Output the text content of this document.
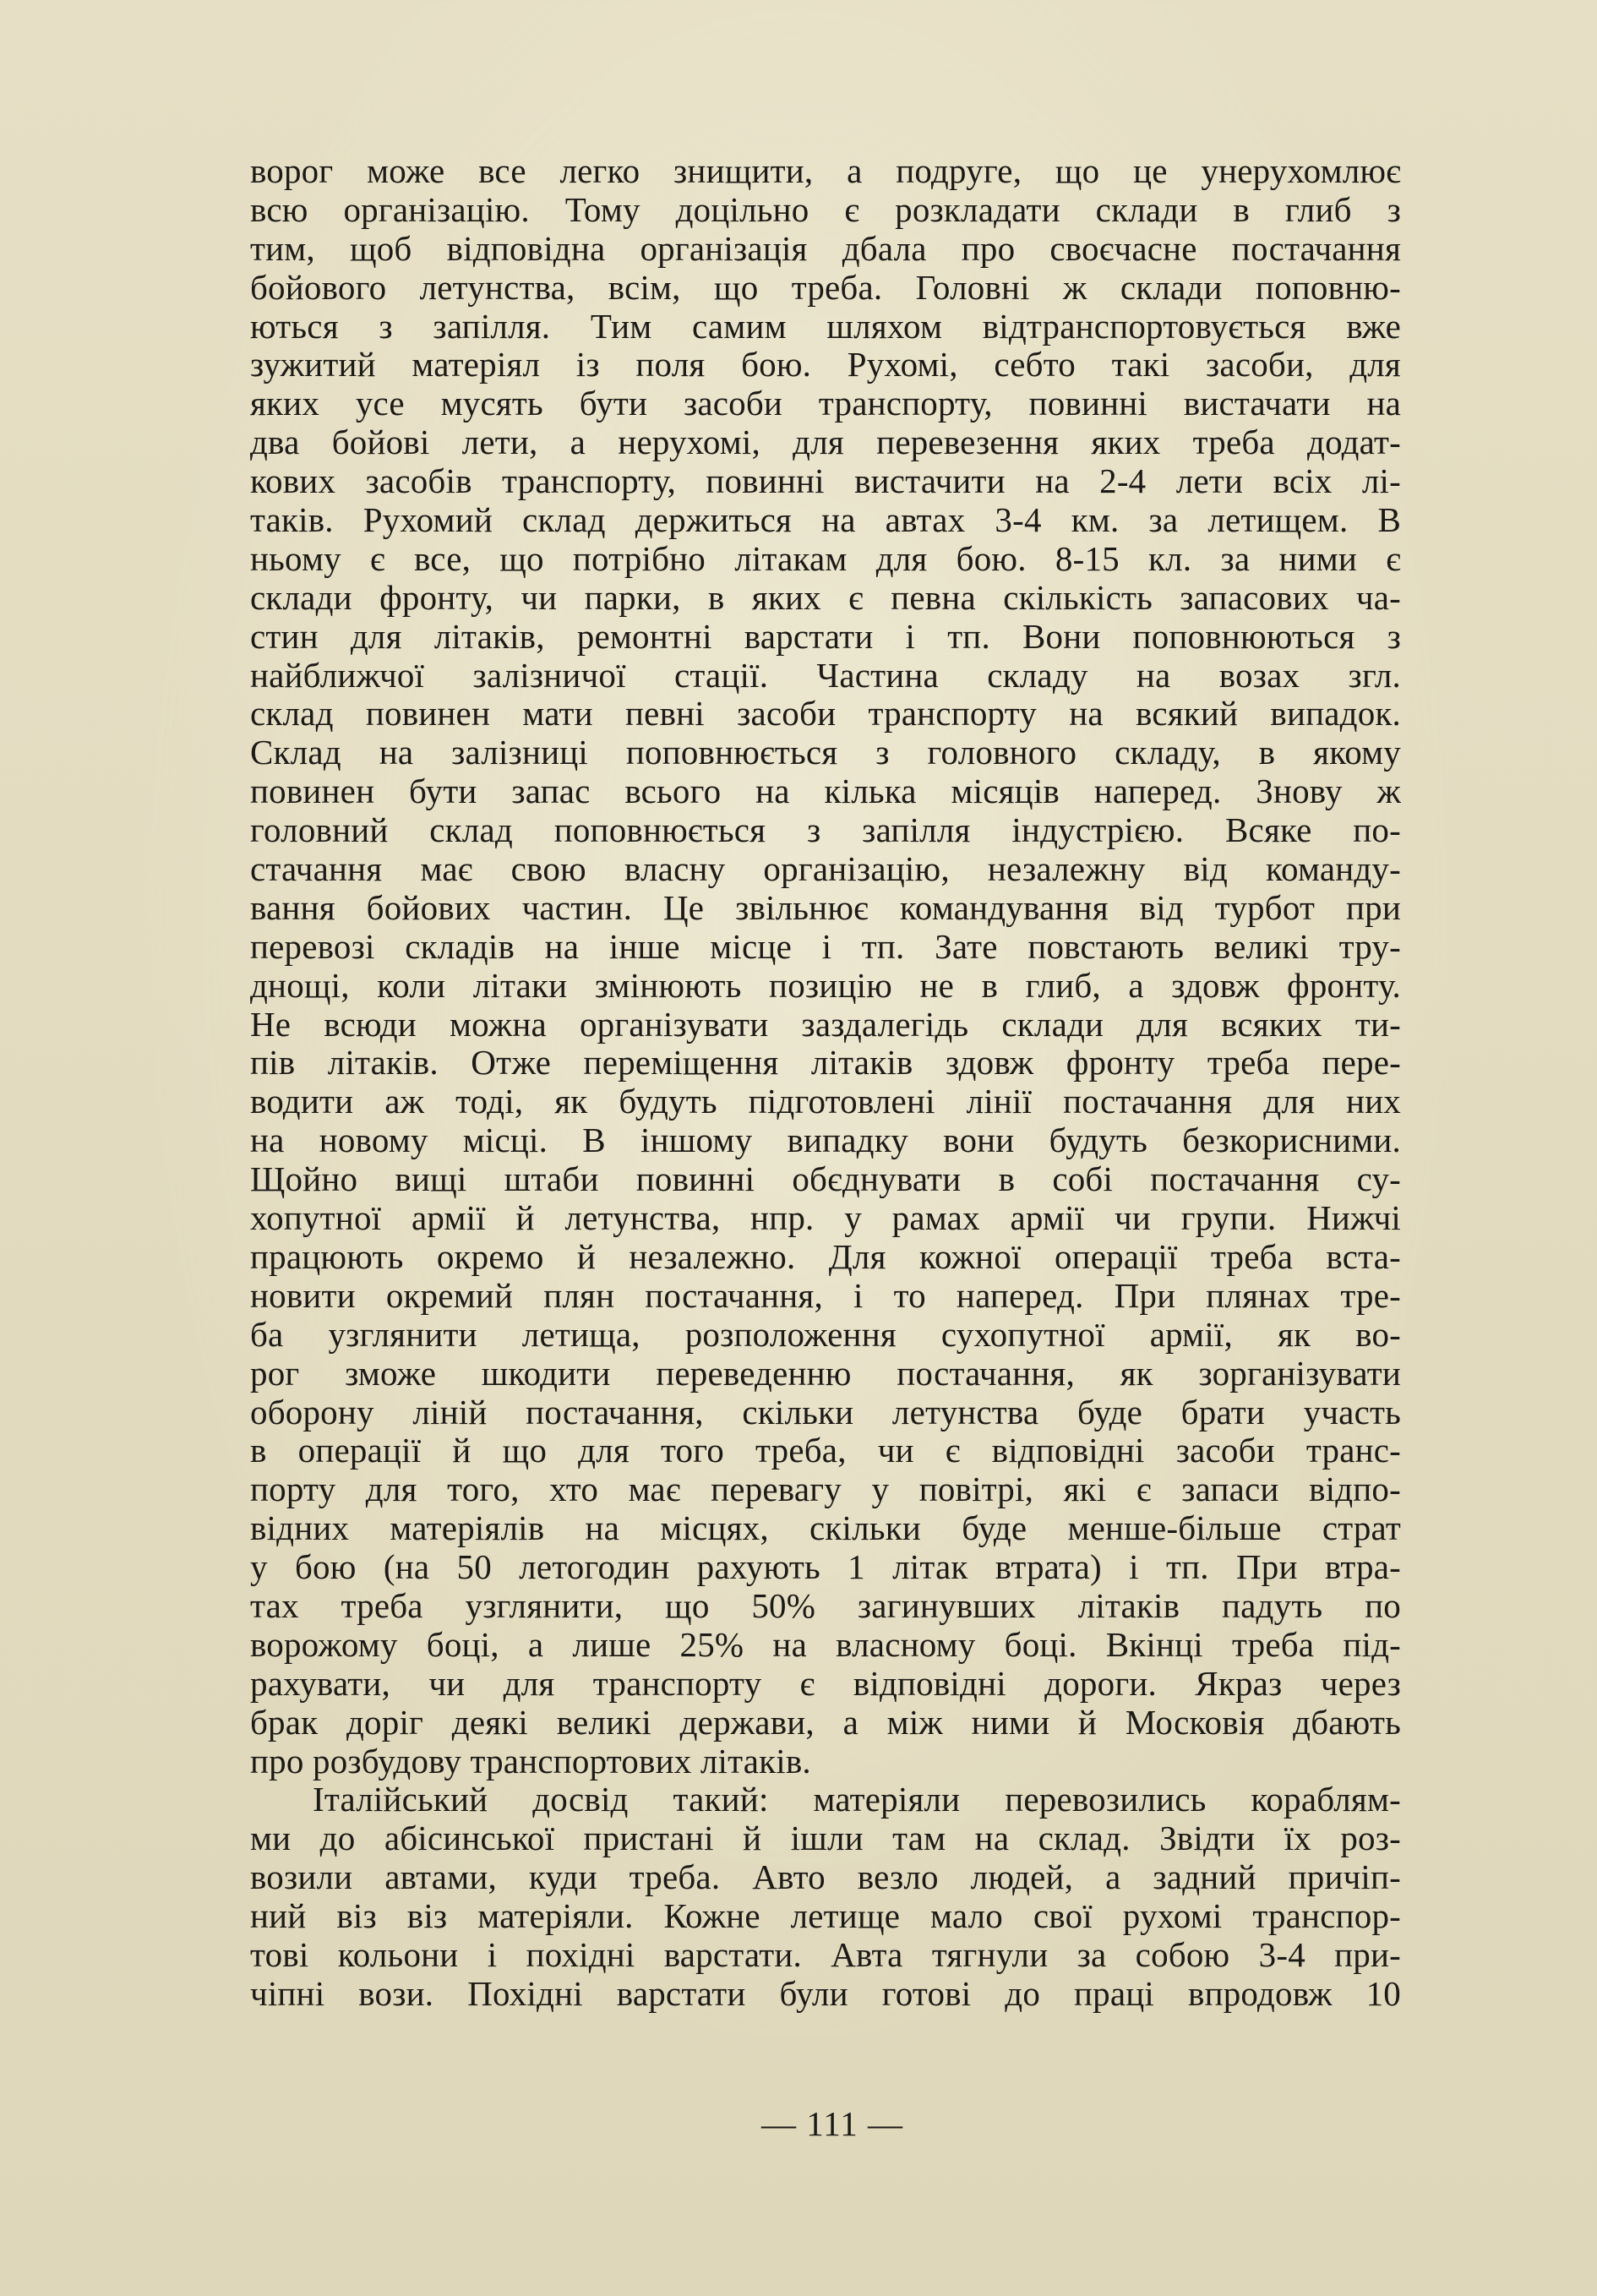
ворог може все легко знищити, а подруге, що це унерухомлює
всю організацію. Тому доцільно є розкладати склади в глиб з
тим, щоб відповідна організація дбала про своєчасне постачання
бойового летунства, всім, що треба. Головні ж склади поповню-
ються з запілля. Тим самим шляхом відтранспортовується вже
зужитий матеріял із поля бою. Рухомі, себто такі засоби, для
яких усе мусять бути засоби транспорту, повинні вистачати на
два бойові лети, а нерухомі, для перевезення яких треба додат-
кових засобів транспорту, повинні вистачити на 2-4 лети всіх лі-
таків. Рухомий склад держиться на автах 3-4 км. за летищем. В
ньому є все, що потрібно літакам для бою. 8-15 кл. за ними є
склади фронту, чи парки, в яких є певна скількість запасових ча-
стин для літаків, ремонтні варстати і тп. Вони поповнюються з
найближчої залізничої стації. Частина складу на возах згл.
склад повинен мати певні засоби транспорту на всякий випадок.
Склад на залізниці поповнюється з головного складу, в якому
повинен бути запас всього на кілька місяців наперед. Знову ж
головний склад поповнюється з запілля індустрією. Всяке по-
стачання має свою власну організацію, незалежну від команду-
вання бойових частин. Це звільнює командування від турбот при
перевозі складів на інше місце і тп. Зате повстають великі тру-
днощі, коли літаки змінюють позицію не в глиб, а здовж фронту.
Не всюди можна організувати заздалегідь склади для всяких ти-
пів літаків. Отже переміщення літаків здовж фронту треба пере-
водити аж тоді, як будуть підготовлені лінії постачання для них
на новому місці. В іншому випадку вони будуть безкорисними.
Щойно вищі штаби повинні обєднувати в собі постачання су-
хопутної армії й летунства, нпр. у рамах армії чи групи. Нижчі
працюють окремо й незалежно. Для кожної операції треба вста-
новити окремий плян постачання, і то наперед. При плянах тре-
ба узглянити летища, розположення сухопутної армії, як во-
рог зможе шкодити переведенню постачання, як зорганізувати
оборону ліній постачання, скільки летунства буде брати участь
в операції й що для того треба, чи є відповідні засоби транс-
порту для того, хто має перевагу у повітрі, які є запаси відпо-
відних матеріялів на місцях, скільки буде менше-більше страт
у бою (на 50 летогодин рахують 1 літак втрата) і тп. При втра-
тах треба узглянити, що 50% загинувших літаків падуть по
ворожому боці, а лише 25% на власному боці. Вкінці треба під-
рахувати, чи для транспорту є відповідні дороги. Якраз через
брак доріг деякі великі держави, а між ними й Московія дбають
про розбудову транспортових літаків.
Італійський досвід такий: матеріяли перевозились кораблям-
ми до абісинської пристані й ішли там на склад. Звідти їх роз-
возили автами, куди треба. Авто везло людей, а задний причіп-
ний віз віз матеріяли. Кожне летище мало свої рухомі транспор-
тові кольони і похідні варстати. Авта тягнули за собою 3-4 при-
чіпні вози. Похідні варстати були готові до праці впродовж 10
— 111 —
